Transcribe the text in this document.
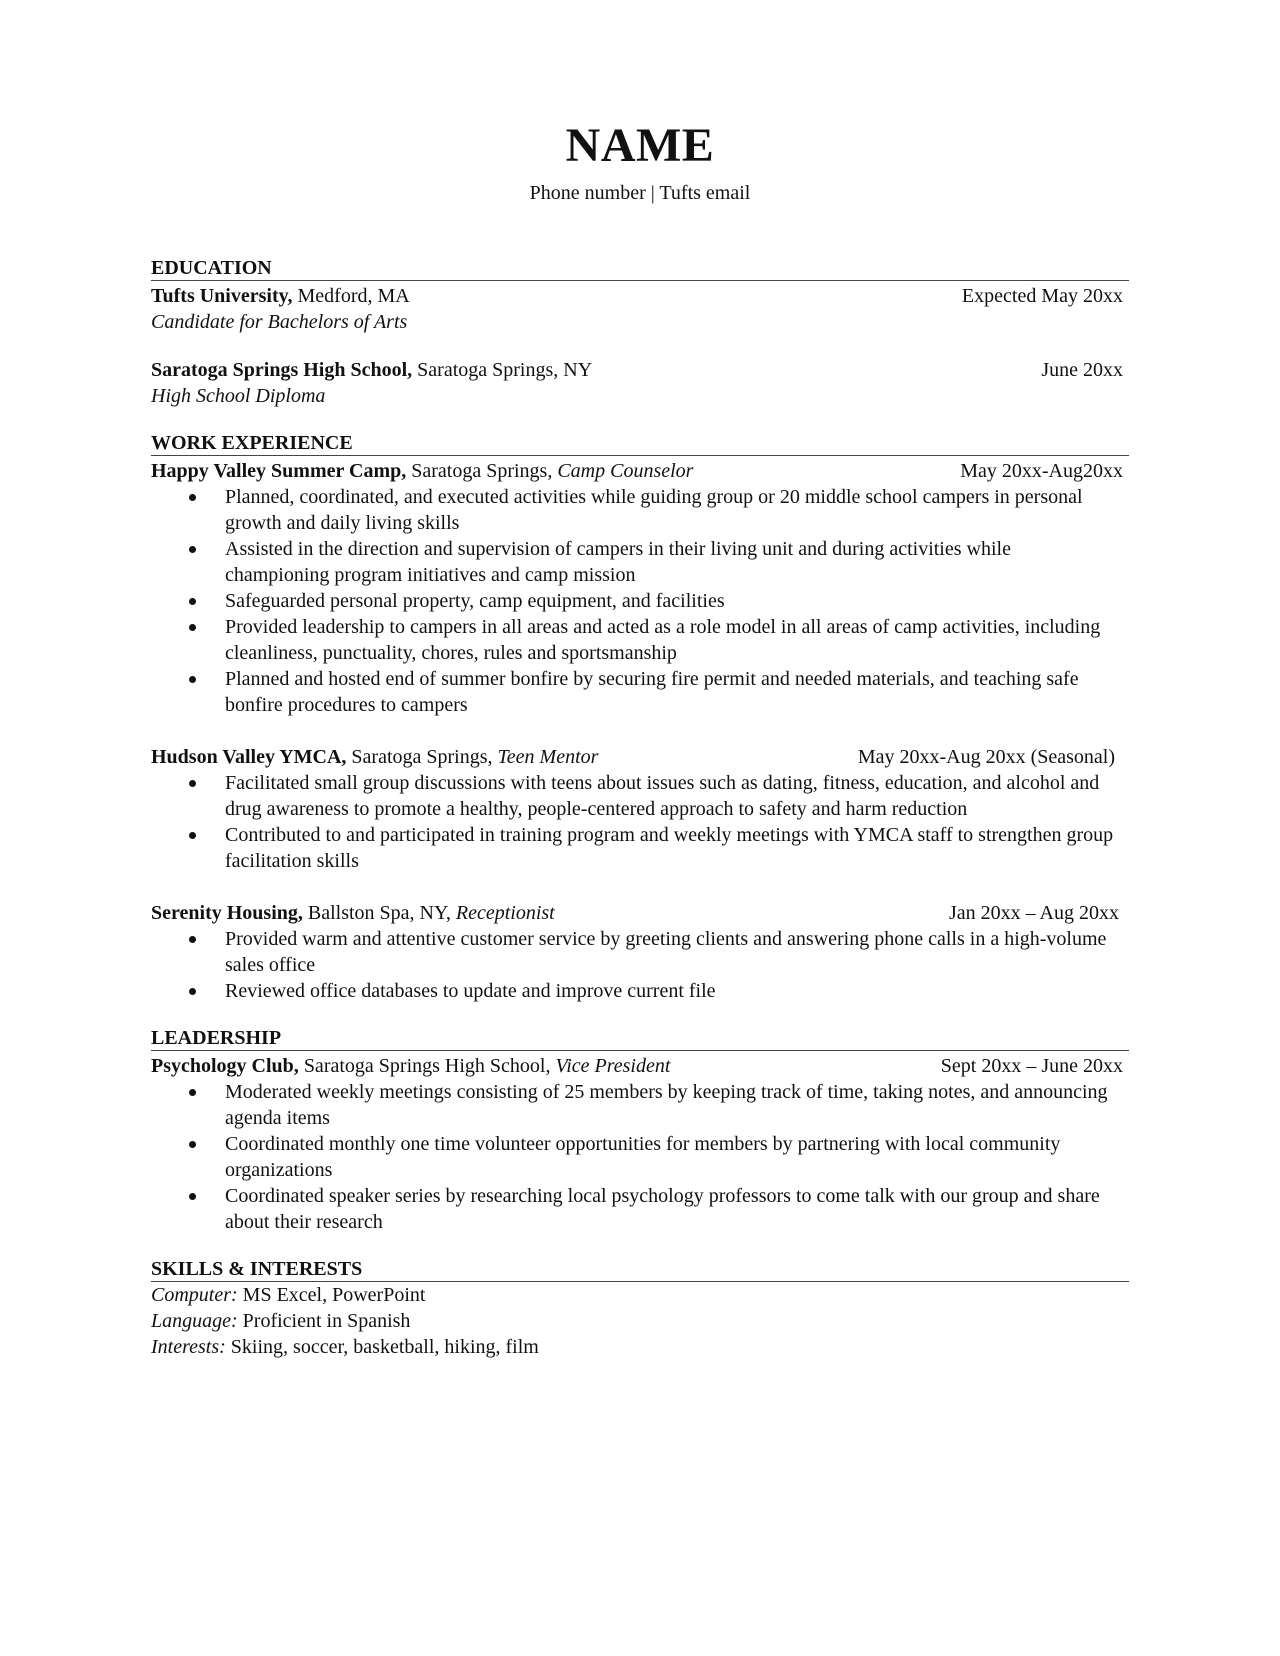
NAME
Phone number | Tufts email
EDUCATION
Tufts University, Medford, MA	Expected May 20xx
Candidate for Bachelors of Arts
Saratoga Springs High School, Saratoga Springs, NY	June 20xx
High School Diploma
WORK EXPERIENCE
Happy Valley Summer Camp, Saratoga Springs, Camp Counselor	May 20xx-Aug20xx
Planned, coordinated, and executed activities while guiding group or 20 middle school campers in personal growth and daily living skills
Assisted in the direction and supervision of campers in their living unit and during activities while championing program initiatives and camp mission
Safeguarded personal property, camp equipment, and facilities
Provided leadership to campers in all areas and acted as a role model in all areas of camp activities, including cleanliness, punctuality, chores, rules and sportsmanship
Planned and hosted end of summer bonfire by securing fire permit and needed materials, and teaching safe bonfire procedures to campers
Hudson Valley YMCA, Saratoga Springs, Teen Mentor	May 20xx-Aug 20xx (Seasonal)
Facilitated small group discussions with teens about issues such as dating, fitness, education, and alcohol and drug awareness to promote a healthy, people-centered approach to safety and harm reduction
Contributed to and participated in training program and weekly meetings with YMCA staff to strengthen group facilitation skills
Serenity Housing, Ballston Spa, NY, Receptionist	Jan 20xx – Aug 20xx
Provided warm and attentive customer service by greeting clients and answering phone calls in a high-volume sales office
Reviewed office databases to update and improve current file
LEADERSHIP
Psychology Club, Saratoga Springs High School, Vice President	Sept 20xx – June 20xx
Moderated weekly meetings consisting of 25 members by keeping track of time, taking notes, and announcing agenda items
Coordinated monthly one time volunteer opportunities for members by partnering with local community organizations
Coordinated speaker series by researching local psychology professors to come talk with our group and share about their research
SKILLS & INTERESTS
Computer: MS Excel, PowerPoint
Language: Proficient in Spanish
Interests: Skiing, soccer, basketball, hiking, film
